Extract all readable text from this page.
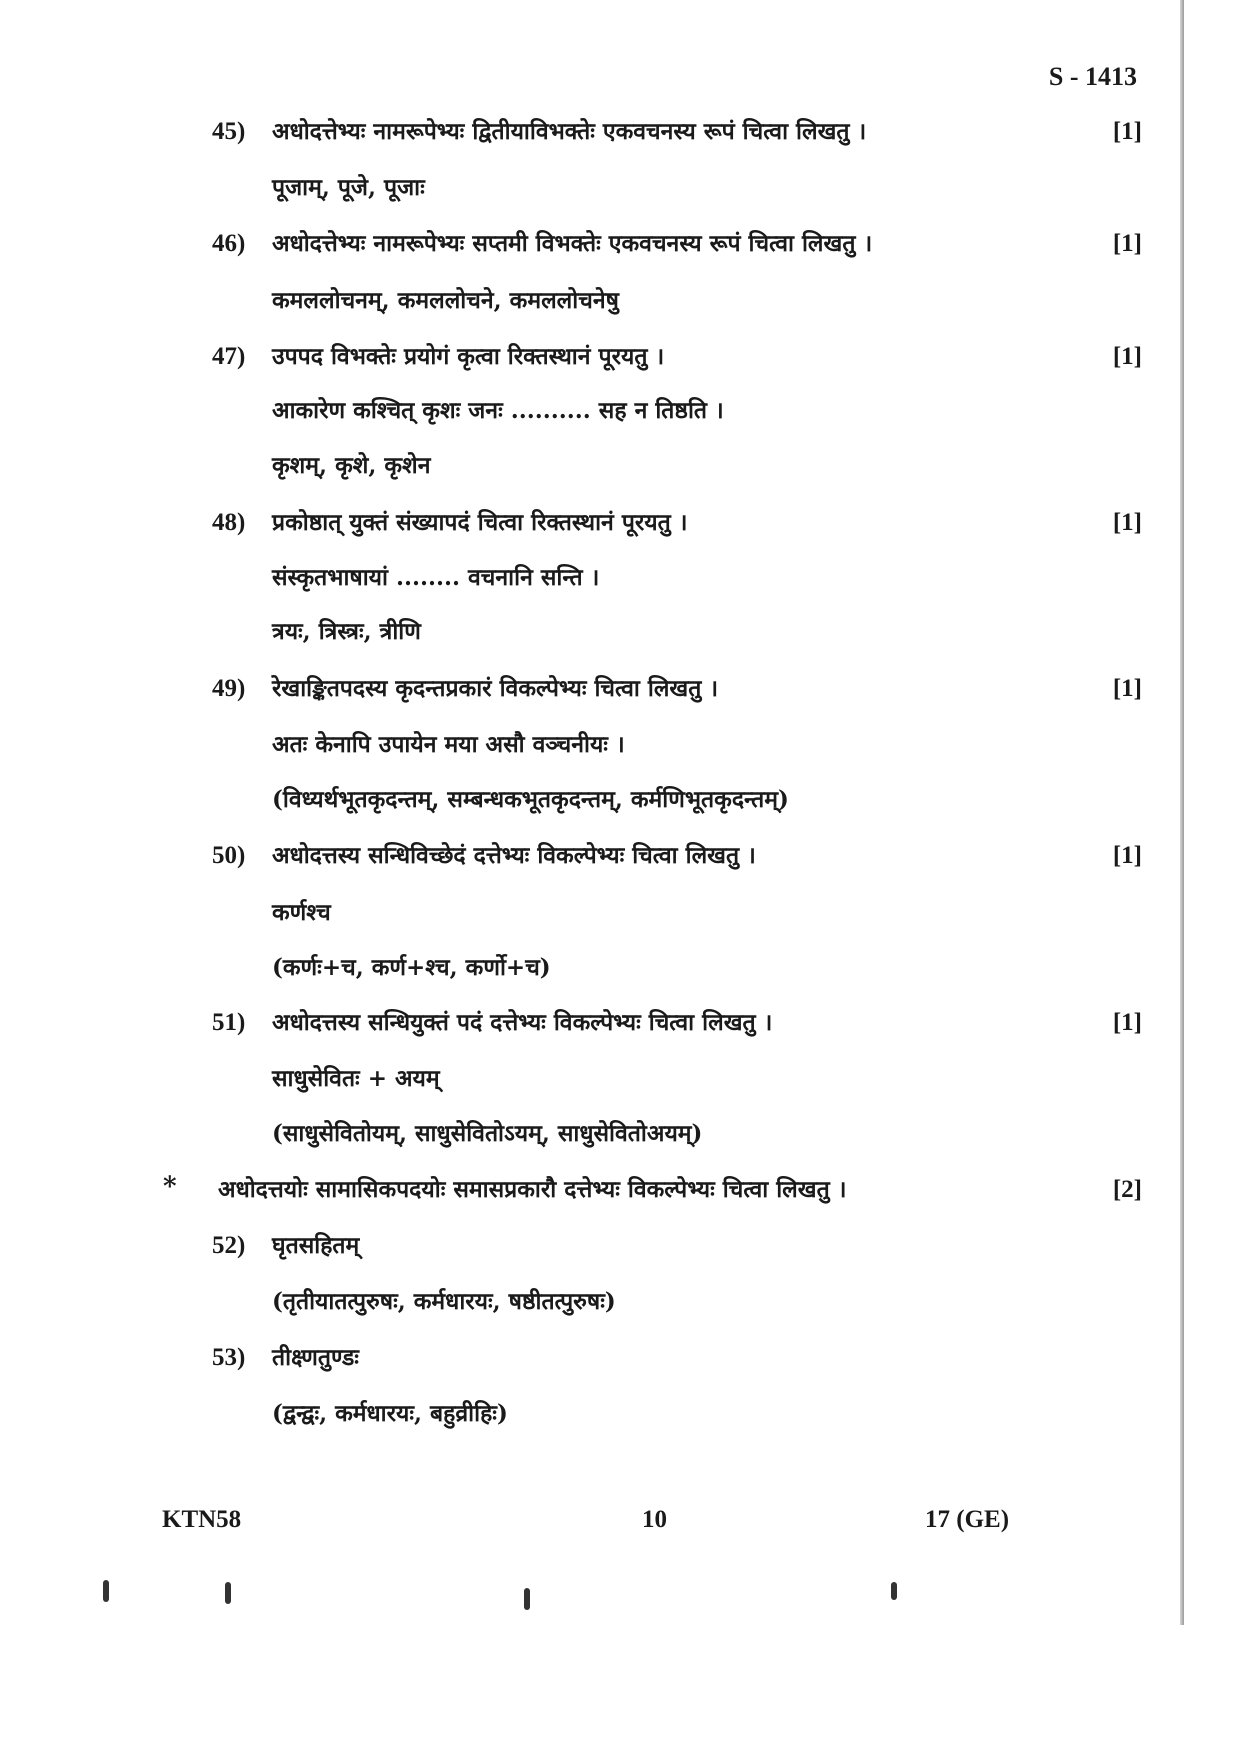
S - 1413
45)	अधोदत्तेभ्यः नामरूपेभ्यः द्वितीयाविभक्तेः एकवचनस्य रूपं चित्वा लिखतु ।	[1]
पूजाम्, पूजे, पूजाः
46)	अधोदत्तेभ्यः नामरूपेभ्यः सप्तमी विभक्तेः एकवचनस्य रूपं चित्वा लिखतु ।	[1]
कमललोचनम्, कमललोचने, कमललोचनेषु
47)	उपपद विभक्तेः प्रयोगं कृत्वा रिक्तस्थानं पूरयतु ।	[1]
आकारेण कश्चित् कृशः जनः .......... सह न तिष्ठति ।
कृशम्, कृशे, कृशेन
48)	प्रकोष्ठात् युक्तं संख्यापदं चित्वा रिक्तस्थानं पूरयतु ।	[1]
संस्कृतभाषायां ........ वचनानि सन्ति ।
त्रयः, त्रिस्त्रः, त्रीणि
49)	रेखाङ्कितपदस्य कृदन्तप्रकारं विकल्पेभ्यः चित्वा लिखतु ।	[1]
अतः केनापि उपायेन मया असौ वञ्चनीयः ।
(विध्यर्थभूतकृदन्तम्, सम्बन्धकभूतकृदन्तम्, कर्मणिभूतकृदन्तम्)
50)	अधोदत्तस्य सन्धिविच्छेदं दत्तेभ्यः विकल्पेभ्यः चित्वा लिखतु ।	[1]
कर्णश्च
(कर्णः+च, कर्ण+श्च, कर्णो+च)
51)	अधोदत्तस्य सन्धियुक्तं पदं दत्तेभ्यः विकल्पेभ्यः चित्वा लिखतु ।	[1]
साधुसेवितः + अयम्
(साधुसेवितोयम्, साधुसेवितोऽयम्, साधुसेवितोअयम्)
* अधोदत्तयोः सामासिकपदयोः समासप्रकारौ दत्तेभ्यः विकल्पेभ्यः चित्वा लिखतु ।	[2]
52)	घृतसहितम्
(तृतीयातत्पुरुषः, कर्मधारयः, षष्ठीतत्पुरुषः)
53)	तीक्ष्णतुण्डः
(द्वन्द्वः, कर्मधारयः, बहुव्रीहिः)
KTN58	10	17 (GE)
